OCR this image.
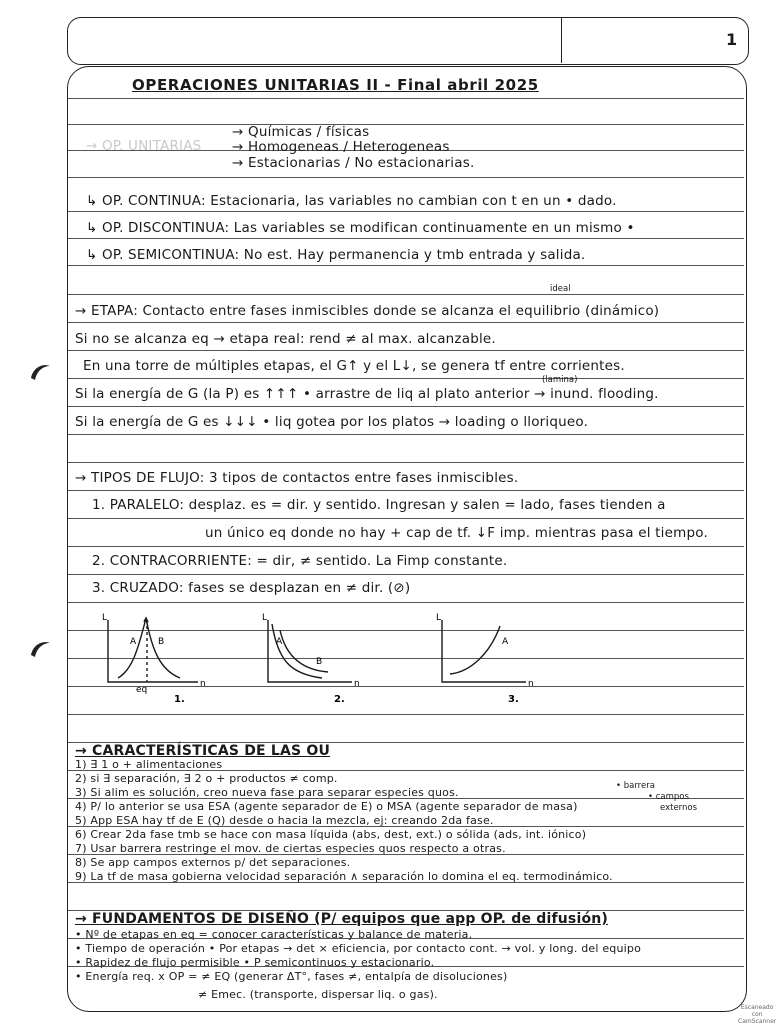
1
OPERACIONES UNITARIAS II - Final abril 2025
→ OP. UNITARIAS
→ Químicas / físicas
→ Homogeneas / Heterogeneas
→ Estacionarias / No estacionarias.
↳ OP. CONTINUA: Estacionaria, las variables no cambian con t en un • dado.
↳ OP. DISCONTINUA: Las variables se modifican continuamente en un mismo •
↳ OP. SEMICONTINUA: No est. Hay permanencia y tmb entrada y salida.
ideal
→ ETAPA: Contacto entre fases inmiscibles donde se alcanza el equilibrio (dinámico)
Si no se alcanza eq → etapa real: rend ≠ al max. alcanzable.
En una torre de múltiples etapas, el G↑ y el L↓, se genera tf entre corrientes.
(lamina)
Si la energía de G (la P) es ↑↑↑ • arrastre de liq al plato anterior → inund. flooding.
Si la energía de G es ↓↓↓ • liq gotea por los platos → loading o lloriqueo.
→ TIPOS DE FLUJO: 3 tipos de contactos entre fases inmiscibles.
1. PARALELO: desplaz. es = dir. y sentido. Ingresan y salen = lado, fases tienden a
un único eq donde no hay + cap de tf. ↓F imp. mientras pasa el tiempo.
2. CONTRACORRIENTE: = dir, ≠ sentido. La Fimp constante.
3. CRUZADO: fases se desplazan en ≠ dir. (⊘)
L
A B
eq
n
1.
L
A
B
n
2.
L
A
n
3.
→ CARACTERÍSTICAS DE LAS OU
• barrera
• campos
externos
1) ∃ 1 o + alimentaciones
2) si ∃ separación, ∃ 2 o + productos ≠ comp.
3) Si alim es solución, creo nueva fase para separar especies quos.
4) P/ lo anterior se usa ESA (agente separador de E) o MSA (agente separador de masa)
5) App ESA hay tf de E (Q) desde o hacia la mezcla, ej: creando 2da fase.
6) Crear 2da fase tmb se hace con masa líquida (abs, dest, ext.) o sólida (ads, int. iónico)
7) Usar barrera restringe el mov. de ciertas especies quos respecto a otras.
8) Se app campos externos p/ det separaciones.
9) La tf de masa gobierna velocidad separación ∧ separación lo domina el eq. termodinámico.
→ FUNDAMENTOS DE DISEÑO (P/ equipos que app OP. de difusión)
• Nº de etapas en eq = conocer características y balance de materia.
• Tiempo de operación • Por etapas → det × eficiencia, por contacto cont. → vol. y long. del equipo
• Rapidez de flujo permisible • P semicontinuos y estacionario.
• Energía req. x OP = ≠ EQ (generar ΔT°, fases ≠, entalpía de disoluciones)
≠ Emec. (transporte, dispersar liq. o gas).
Escaneado con
CamScanner
